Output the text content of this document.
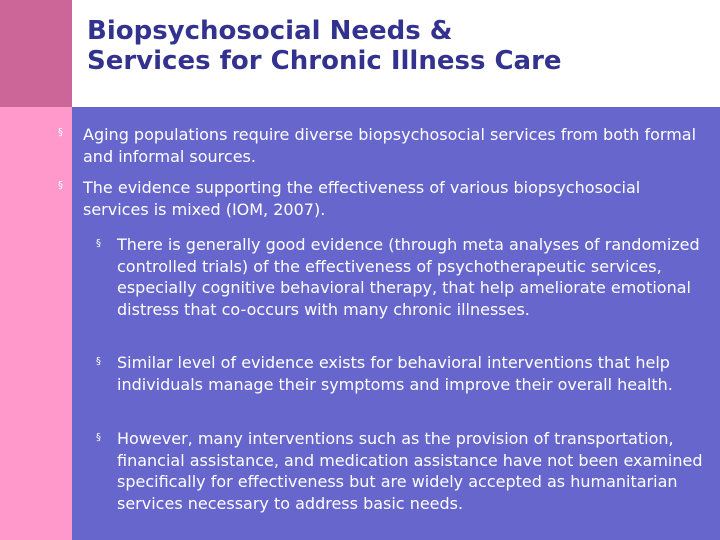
Biopsychosocial Needs &
Services for Chronic Illness Care
§ Aging populations require diverse biopsychosocial services from both formal and informal sources.
§ The evidence supporting the effectiveness of various biopsychosocial services is mixed (IOM, 2007).
§ There is generally good evidence (through meta analyses of randomized controlled trials) of the effectiveness of psychotherapeutic services, especially cognitive behavioral therapy, that help ameliorate emotional distress that co-occurs with many chronic illnesses.
§ Similar level of evidence exists for behavioral interventions that help individuals manage their symptoms and improve their overall health.
§ However, many interventions such as the provision of transportation, financial assistance, and medication assistance have not been examined specifically for effectiveness but are widely accepted as humanitarian services necessary to address basic needs.
